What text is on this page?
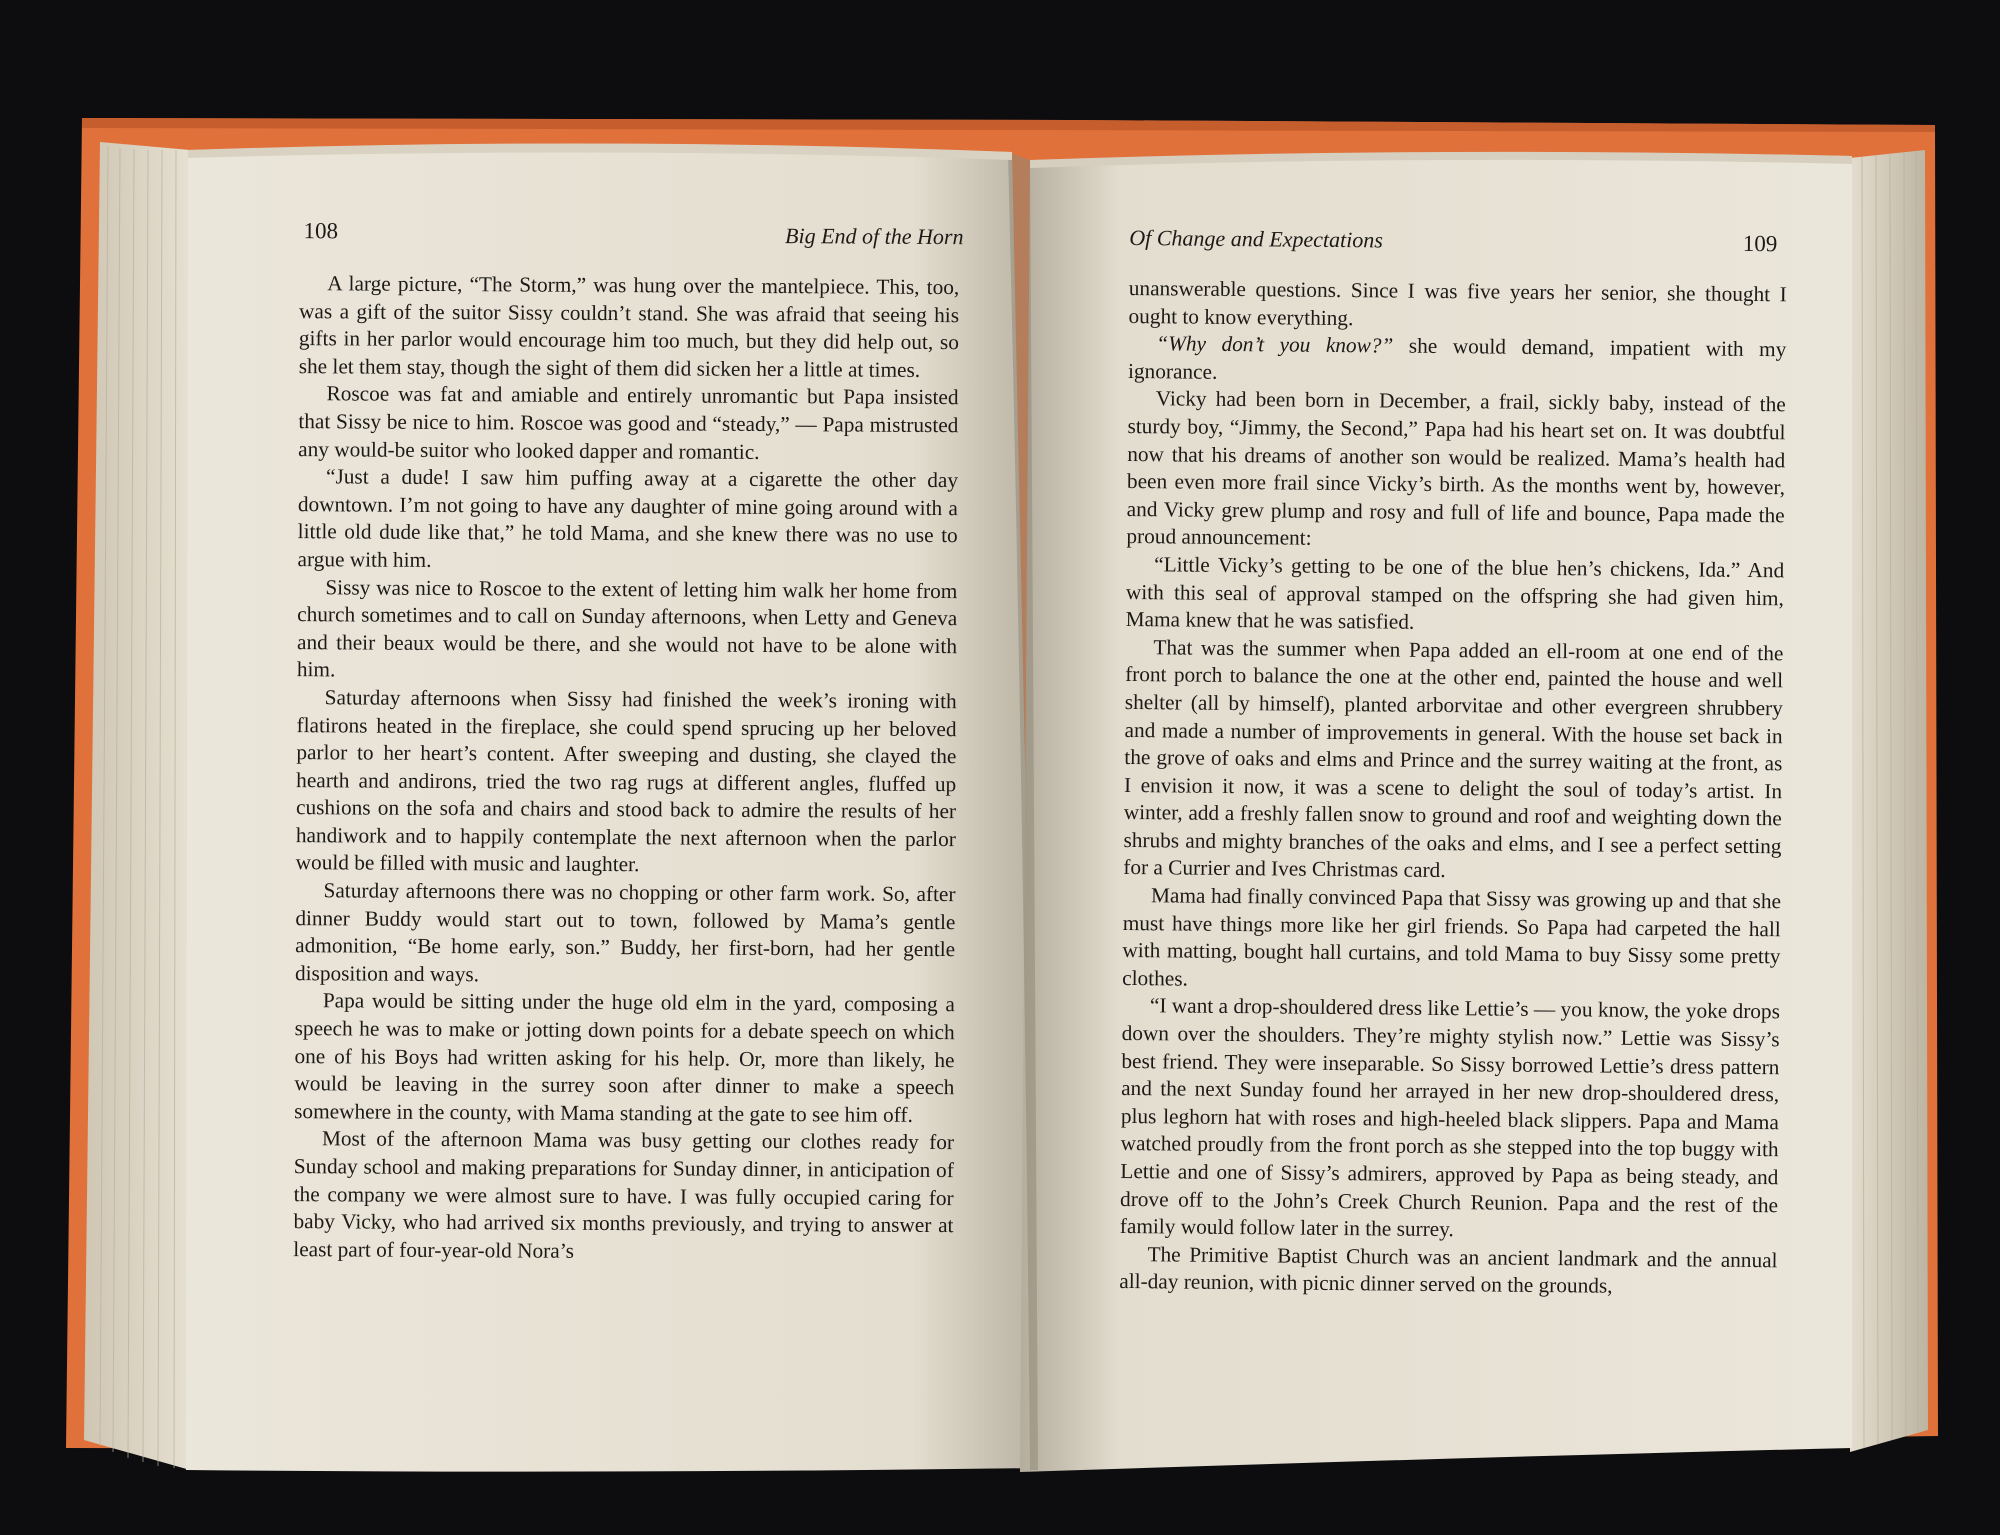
108	Big End of the Horn

A large picture, “The Storm,” was hung over the mantelpiece. This, too, was a gift of the suitor Sissy couldn’t stand. She was afraid that seeing his gifts in her parlor would encourage him too much, but they did help out, so she let them stay, though the sight of them did sicken her a little at times.

Roscoe was fat and amiable and entirely unromantic but Papa insisted that Sissy be nice to him. Roscoe was good and “steady,” — Papa mistrusted any would-be suitor who looked dapper and romantic.

“Just a dude! I saw him puffing away at a cigarette the other day downtown. I’m not going to have any daughter of mine going around with a little old dude like that,” he told Mama, and she knew there was no use to argue with him.

Sissy was nice to Roscoe to the extent of letting him walk her home from church sometimes and to call on Sunday afternoons, when Letty and Geneva and their beaux would be there, and she would not have to be alone with him.

Saturday afternoons when Sissy had finished the week’s ironing with flatirons heated in the fireplace, she could spend sprucing up her beloved parlor to her heart’s content. After sweeping and dusting, she clayed the hearth and andirons, tried the two rag rugs at different angles, fluffed up cushions on the sofa and chairs and stood back to admire the results of her handiwork and to happily contemplate the next afternoon when the parlor would be filled with music and laughter.

Saturday afternoons there was no chopping or other farm work. So, after dinner Buddy would start out to town, followed by Mama’s gentle admonition, “Be home early, son.” Buddy, her first-born, had her gentle disposition and ways.

Papa would be sitting under the huge old elm in the yard, composing a speech he was to make or jotting down points for a debate speech on which one of his Boys had written asking for his help. Or, more than likely, he would be leaving in the surrey soon after dinner to make a speech somewhere in the county, with Mama standing at the gate to see him off.

Most of the afternoon Mama was busy getting our clothes ready for Sunday school and making preparations for Sunday dinner, in anticipation of the company we were almost sure to have. I was fully occupied caring for baby Vicky, who had arrived six months previously, and trying to answer at least part of four-year-old Nora’s

Of Change and Expectations	109

unanswerable questions. Since I was five years her senior, she thought I ought to know everything.

“Why don’t you know?” she would demand, impatient with my ignorance.

Vicky had been born in December, a frail, sickly baby, instead of the sturdy boy, “Jimmy, the Second,” Papa had his heart set on. It was doubtful now that his dreams of another son would be realized. Mama’s health had been even more frail since Vicky’s birth. As the months went by, however, and Vicky grew plump and rosy and full of life and bounce, Papa made the proud announcement:

“Little Vicky’s getting to be one of the blue hen’s chickens, Ida.” And with this seal of approval stamped on the offspring she had given him, Mama knew that he was satisfied.

That was the summer when Papa added an ell-room at one end of the front porch to balance the one at the other end, painted the house and well shelter (all by himself), planted arborvitae and other evergreen shrubbery and made a number of improvements in general. With the house set back in the grove of oaks and elms and Prince and the surrey waiting at the front, as I envision it now, it was a scene to delight the soul of today’s artist. In winter, add a freshly fallen snow to ground and roof and weighting down the shrubs and mighty branches of the oaks and elms, and I see a perfect setting for a Currier and Ives Christmas card.

Mama had finally convinced Papa that Sissy was growing up and that she must have things more like her girl friends. So Papa had carpeted the hall with matting, bought hall curtains, and told Mama to buy Sissy some pretty clothes.

“I want a drop-shouldered dress like Lettie’s — you know, the yoke drops down over the shoulders. They’re mighty stylish now.” Lettie was Sissy’s best friend. They were inseparable. So Sissy borrowed Lettie’s dress pattern and the next Sunday found her arrayed in her new drop-shouldered dress, plus leghorn hat with roses and high-heeled black slippers. Papa and Mama watched proudly from the front porch as she stepped into the top buggy with Lettie and one of Sissy’s admirers, approved by Papa as being steady, and drove off to the John’s Creek Church Reunion. Papa and the rest of the family would follow later in the surrey.

The Primitive Baptist Church was an ancient landmark and the annual all-day reunion, with picnic dinner served on the grounds,
